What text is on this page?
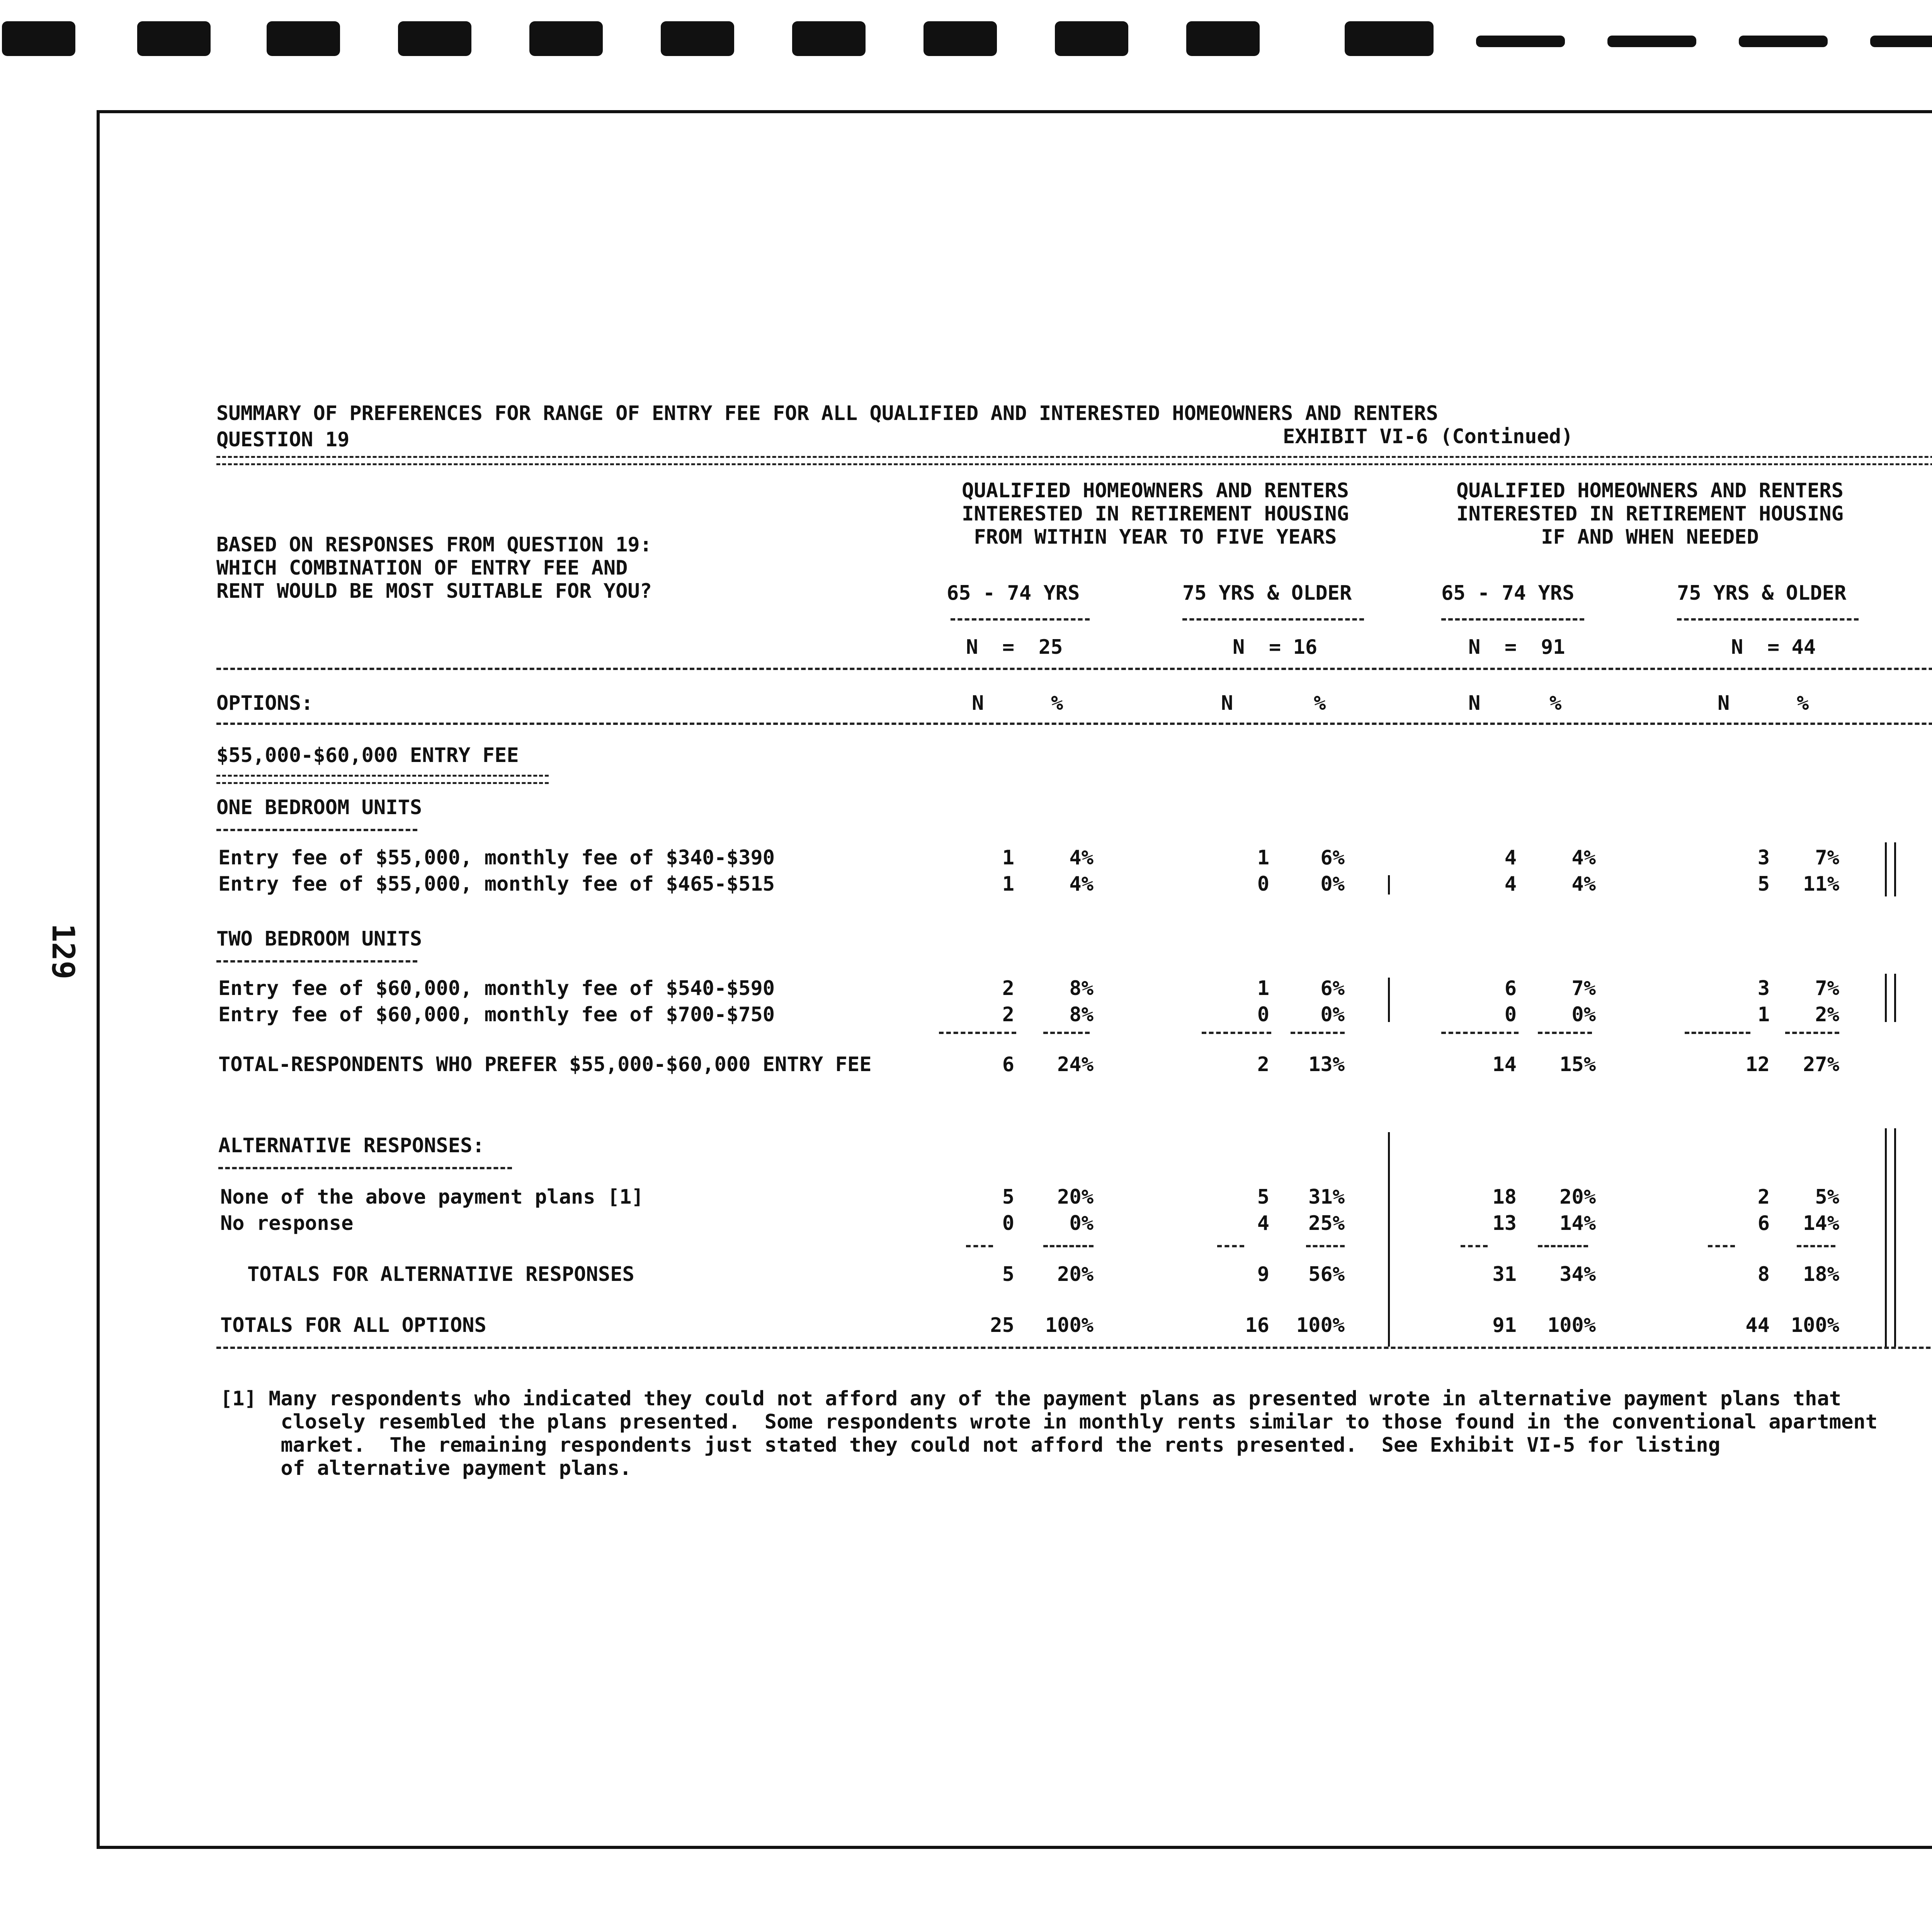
129
SUMMARY OF PREFERENCES FOR RANGE OF ENTRY FEE FOR ALL QUALIFIED AND INTERESTED HOMEOWNERS AND RENTERS
QUESTION 19	EXHIBIT VI-6 (Continued)
QUALIFIED HOMEOWNERS AND RENTERS
INTERESTED IN RETIREMENT HOUSING
FROM WITHIN YEAR TO FIVE YEARS
QUALIFIED HOMEOWNERS AND RENTERS
INTERESTED IN RETIREMENT HOUSING
IF AND WHEN NEEDED
BASED ON RESPONSES FROM QUESTION 19:
WHICH COMBINATION OF ENTRY FEE AND
RENT WOULD BE MOST SUITABLE FOR YOU?	65 - 74 YRS	75 YRS & OLDER	65 - 74 YRS	75 YRS & OLDER
N  =  25	N  = 16	N  =  91	N  = 44
OPTIONS:	N	%	N	%	N	%	N	%
$55,000-$60,000 ENTRY FEE
ONE BEDROOM UNITS
TWO BEDROOM UNITS
Entry fee of $55,000, monthly fee of $340-$390	1	4%	1	6%	4	4%	3	7%
Entry fee of $55,000, monthly fee of $465-$515	1	4%	0	0%	4	4%	5	11%
Entry fee of $60,000, monthly fee of $540-$590	2	8%	1	6%	6	7%	3	7%
Entry fee of $60,000, monthly fee of $700-$750	2	8%	0	0%	0	0%	1	2%
TOTAL-RESPONDENTS WHO PREFER $55,000-$60,000 ENTRY FEE	6	24%	2	13%	14	15%	12	27%
ALTERNATIVE RESPONSES:
None of the above payment plans [1]	5	20%	5	31%	18	20%	2	5%
No response	0	0%	4	25%	13	14%	6	14%
TOTALS FOR ALTERNATIVE RESPONSES	5	20%	9	56%	31	34%	8	18%
TOTALS FOR ALL OPTIONS	25	100%	16	100%	91	100%	44	100%
[1] Many respondents who indicated they could not afford any of the payment plans as presented wrote in alternative payment plans that
closely resembled the plans presented.  Some respondents wrote in monthly rents similar to those found in the conventional apartment
market.  The remaining respondents just stated they could not afford the rents presented.  See Exhibit VI-5 for listing
of alternative payment plans.
